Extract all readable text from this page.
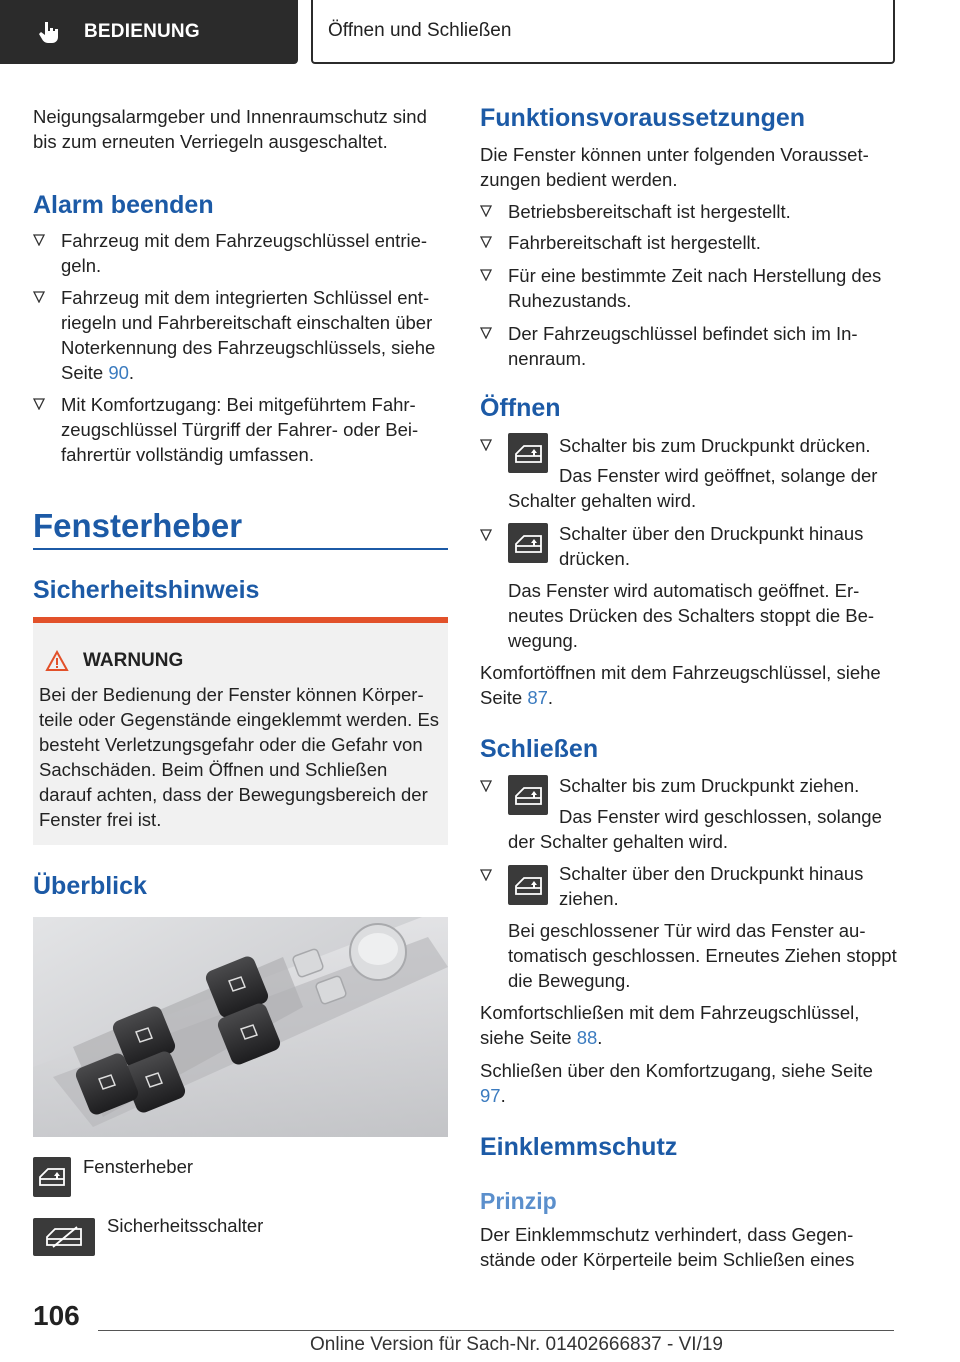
BEDIENUNG	Öffnen und Schließen

Neigungsalarmgeber und Innenraumschutz sind bis zum erneuten Verriegeln ausgeschaltet.

Alarm beenden
Fahrzeug mit dem Fahrzeugschlüssel entrie-geln.
Fahrzeug mit dem integrierten Schlüssel ent-riegeln und Fahrbereitschaft einschalten über Noterkennung des Fahrzeugschlüssels, siehe Seite 90.
Mit Komfortzugang: Bei mitgeführtem Fahr-zeugschlüssel Türgriff der Fahrer- oder Bei-fahrertür vollständig umfassen.
Fensterheber
Sicherheitshinweis
WARNUNG

Bei der Bedienung der Fenster können Körper-teile oder Gegenstände eingeklemmt werden. Es besteht Verletzungsgefahr oder die Gefahr von Sachschäden. Beim Öffnen und Schließen darauf achten, dass der Bewegungsbereich der Fenster frei ist.

Überblick
Fensterheber
Sicherheitsschalter
Funktionsvoraussetzungen

Die Fenster können unter folgenden Vorausset-zungen bedient werden.

Betriebsbereitschaft ist hergestellt.
Fahrbereitschaft ist hergestellt.
Für eine bestimmte Zeit nach Herstellung des Ruhezustands.
Der Fahrzeugschlüssel befindet sich im In-nenraum.
Öffnen

Schalter bis zum Druckpunkt drücken.

Das Fenster wird geöffnet, solange der Schalter gehalten wird.

Schalter über den Druckpunkt hinaus drücken.

Das Fenster wird automatisch geöffnet. Er-neutes Drücken des Schalters stoppt die Be-wegung.

Komfortöffnen mit dem Fahrzeugschlüssel, siehe Seite 87.

Schließen

Schalter bis zum Druckpunkt ziehen.

Das Fenster wird geschlossen, solange der Schalter gehalten wird.

Schalter über den Druckpunkt hinaus ziehen.

Bei geschlossener Tür wird das Fenster au-tomatisch geschlossen. Erneutes Ziehen stoppt die Bewegung.

Komfortschließen mit dem Fahrzeugschlüssel, siehe Seite 88.

Schließen über den Komfortzugang, siehe Seite 97.

Einklemmschutz
Prinzip

Der Einklemmschutz verhindert, dass Gegen-stände oder Körperteile beim Schließen eines

106
Online Version für Sach-Nr. 01402666837 - VI/19
